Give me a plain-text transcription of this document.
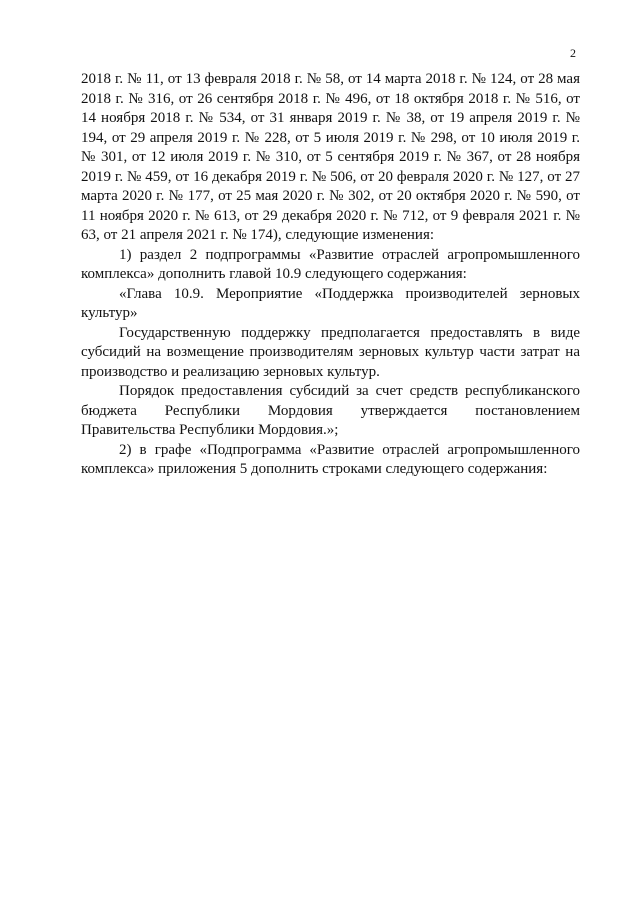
2

2018 г. № 11, от 13 февраля 2018 г. № 58, от 14 марта 2018 г. № 124, от 28 мая 2018 г. № 316, от 26 сентября 2018 г. № 496, от 18 октября 2018 г. № 516, от 14 ноября 2018 г. № 534, от 31 января 2019 г. № 38, от 19 апреля 2019 г. № 194, от 29 апреля 2019 г. № 228, от 5 июля 2019 г. № 298, от 10 июля 2019 г. № 301, от 12 июля 2019 г. № 310, от 5 сентября 2019 г. № 367, от 28 ноября 2019 г. № 459, от 16 декабря 2019 г. № 506, от 20 февраля 2020 г. № 127, от 27 марта 2020 г. № 177, от 25 мая 2020 г. № 302, от 20 октября 2020 г. № 590, от 11 ноября 2020 г. № 613, от 29 декабря 2020 г. № 712, от 9 февраля 2021 г. № 63, от 21 апреля 2021 г. № 174), следующие изменения:

1) раздел 2 подпрограммы «Развитие отраслей агропромышленного комплекса» дополнить главой 10.9 следующего содержания:

«Глава 10.9. Мероприятие «Поддержка производителей зерновых культур»

Государственную поддержку предполагается предоставлять в виде субсидий на возмещение производителям зерновых культур части затрат на производство и реализацию зерновых культур.

Порядок предоставления субсидий за счет средств республиканского бюджета Республики Мордовия утверждается постановлением Правительства Республики Мордовия.»;

2) в графе «Подпрограмма «Развитие отраслей агропромышленного комплекса» приложения 5 дополнить строками следующего содержания:
